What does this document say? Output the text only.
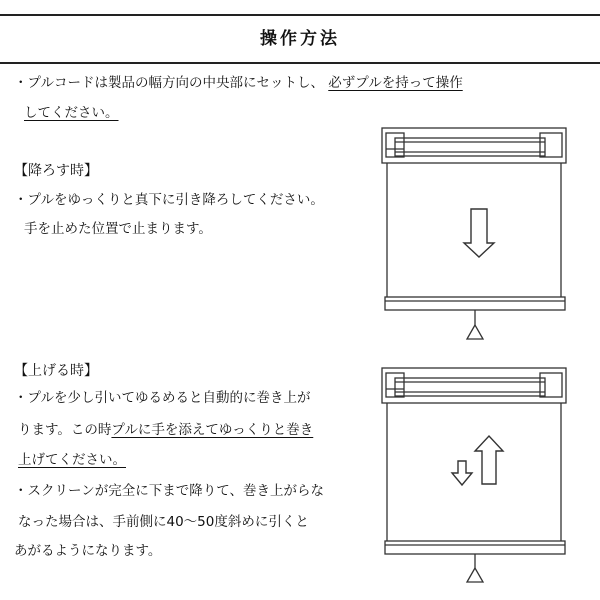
操作方法
・プルコードは製品の幅方向の中央部にセットし、 必ずプルを持って操作
してください。
【降ろす時】
・プルをゆっくりと真下に引き降ろしてください。
手を止めた位置で止まります。
【上げる時】
・プルを少し引いてゆるめると自動的に巻き上が
ります。この時プルに手を添えてゆっくりと巻き
上げてください。
・スクリーンが完全に下まで降りて、巻き上がらな
なった場合は、手前側に40～50度斜めに引くと
あがるようになります。
